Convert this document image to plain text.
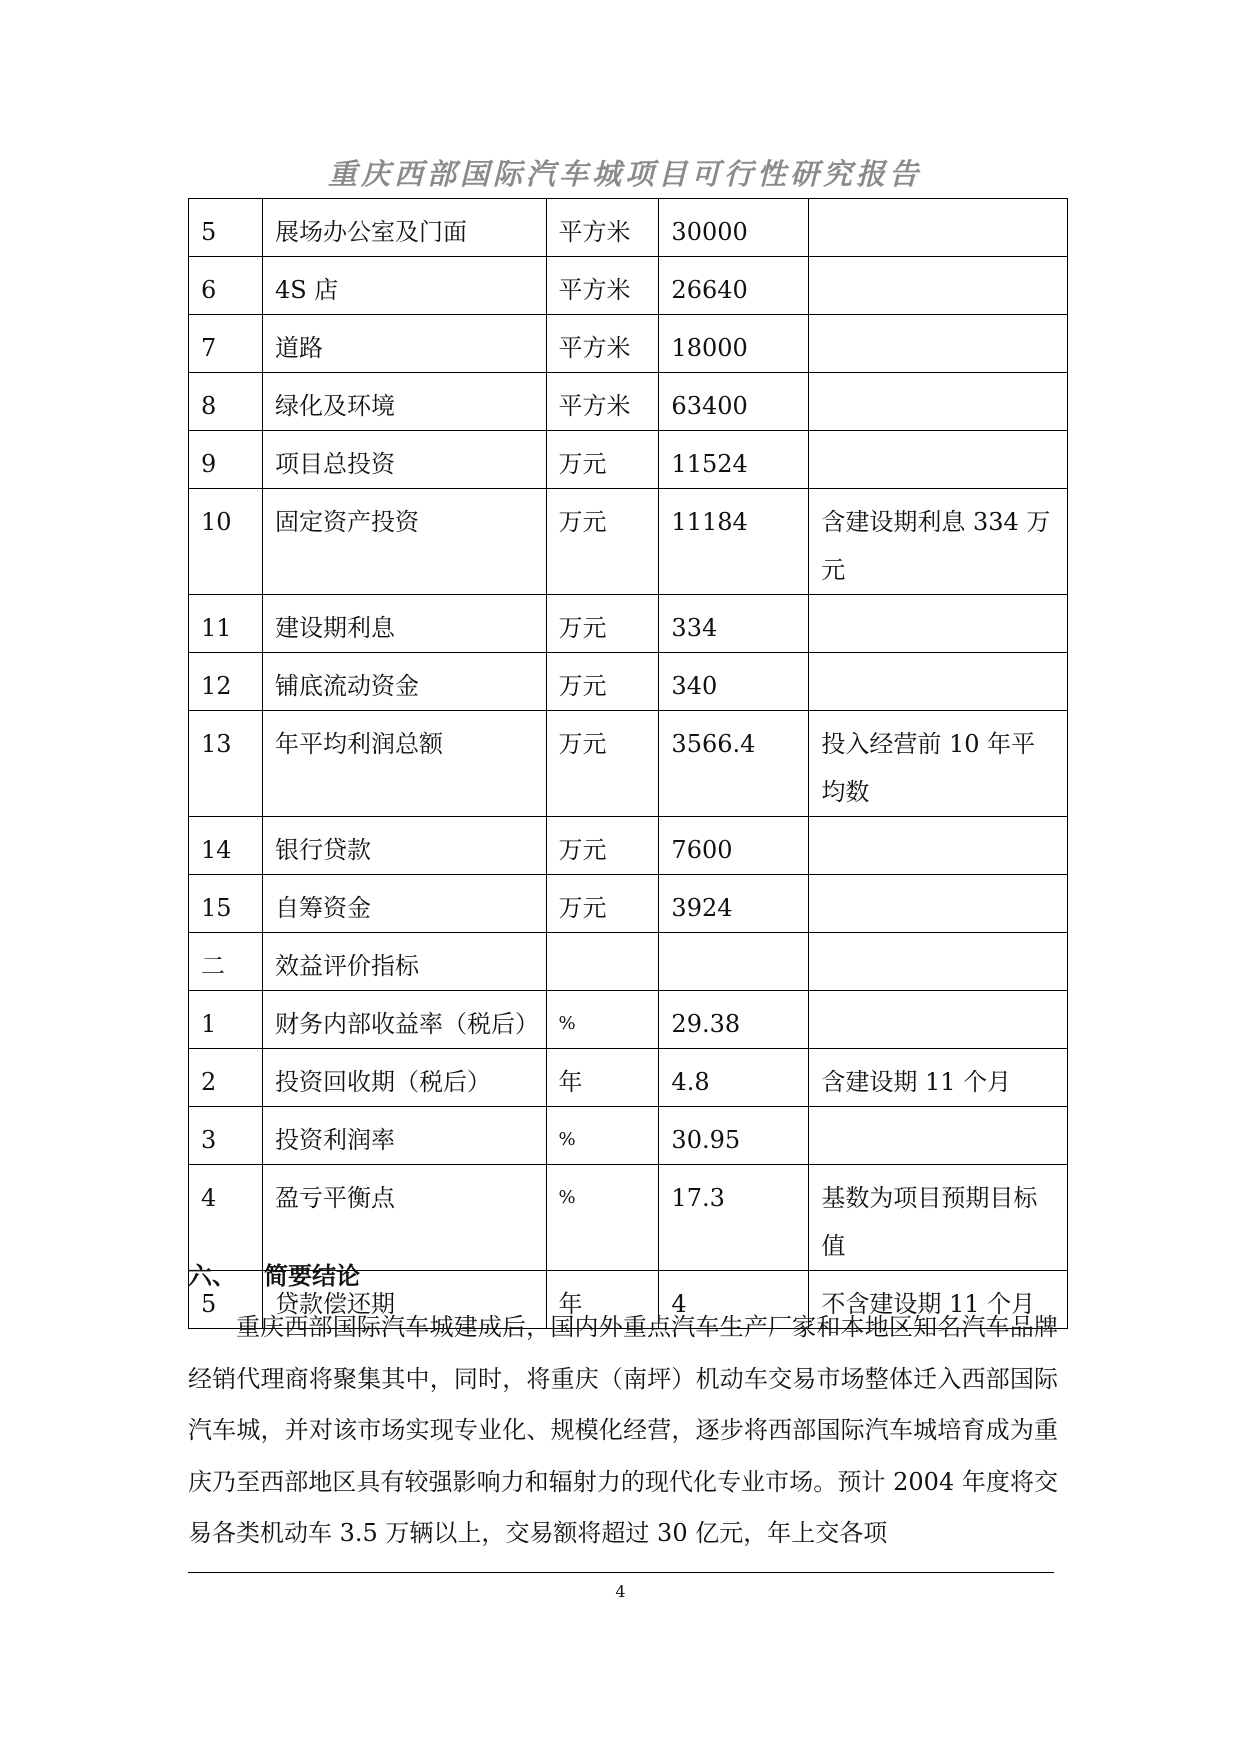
重庆西部国际汽车城项目可行性研究报告
5	展场办公室及门面	平方米	30000	
6	4S 店	平方米	26640	
7	道路	平方米	18000	
8	绿化及环境	平方米	63400	
9	项目总投资	万元	11524	
10	固定资产投资	万元	11184	含建设期利息 334 万元
11	建设期利息	万元	334	
12	铺底流动资金	万元	340	
13	年平均利润总额	万元	3566.4	投入经营前 10 年平均数
14	银行贷款	万元	7600	
15	自筹资金	万元	3924	
二	效益评价指标			
1	财务内部收益率（税后）	%	29.38	
2	投资回收期（税后）	年	4.8	含建设期 11 个月
3	投资利润率	%	30.95	
4	盈亏平衡点	%	17.3	基数为项目预期目标值
5	贷款偿还期	年	4	不含建设期 11 个月
六、 简要结论
重庆西部国际汽车城建成后，国内外重点汽车生产厂家和本地区知名汽车品牌经销代理商将聚集其中，同时，将重庆（南坪）机动车交易市场整体迁入西部国际汽车城，并对该市场实现专业化、规模化经营，逐步将西部国际汽车城培育成为重庆乃至西部地区具有较强影响力和辐射力的现代化专业市场。预计 2004 年度将交易各类机动车 3.5 万辆以上，交易额将超过 30 亿元，年上交各项
4
